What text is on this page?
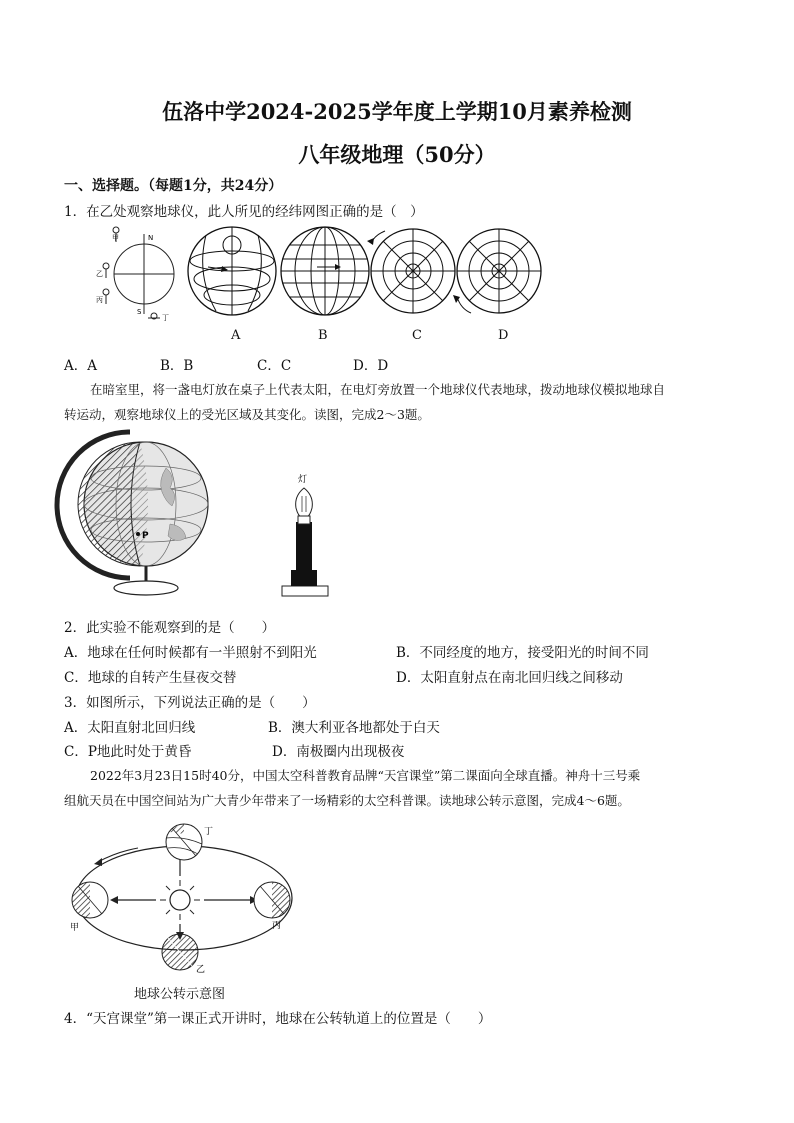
伍洛中学2024-2025学年度上学期10月素养检测
八年级地理（50分）
一、选择题。（每题1分，共24分）
1．在乙处观察地球仪，此人所见的经纬网图正确的是（　）
甲
乙
丙
丁
N
S
A	B	C	D
A．A	B．B	C．C	D．D
在暗室里，将一盏电灯放在桌子上代表太阳，在电灯旁放置一个地球仪代表地球，拨动地球仪模拟地球自
转运动，观察地球仪上的受光区域及其变化。读图，完成2～3题。
P
灯
2．此实验不能观察到的是（　　）
A．地球在任何时候都有一半照射不到阳光	B．不同经度的地方，接受阳光的时间不同
C．地球的自转产生昼夜交替	D．太阳直射点在南北回归线之间移动
3．如图所示，下列说法正确的是（　　）
A．太阳直射北回归线	B．澳大利亚各地都处于白天
C．P地此时处于黄昏	D．南极圈内出现极夜
2022年3月23日15时40分，中国太空科普教育品牌“天宫课堂”第二课面向全球直播。神舟十三号乘
组航天员在中国空间站为广大青少年带来了一场精彩的太空科普课。读地球公转示意图，完成4～6题。
甲
乙
丙
丁
地球公转示意图
4．“天宫课堂”第一课正式开讲时，地球在公转轨道上的位置是（　　）
